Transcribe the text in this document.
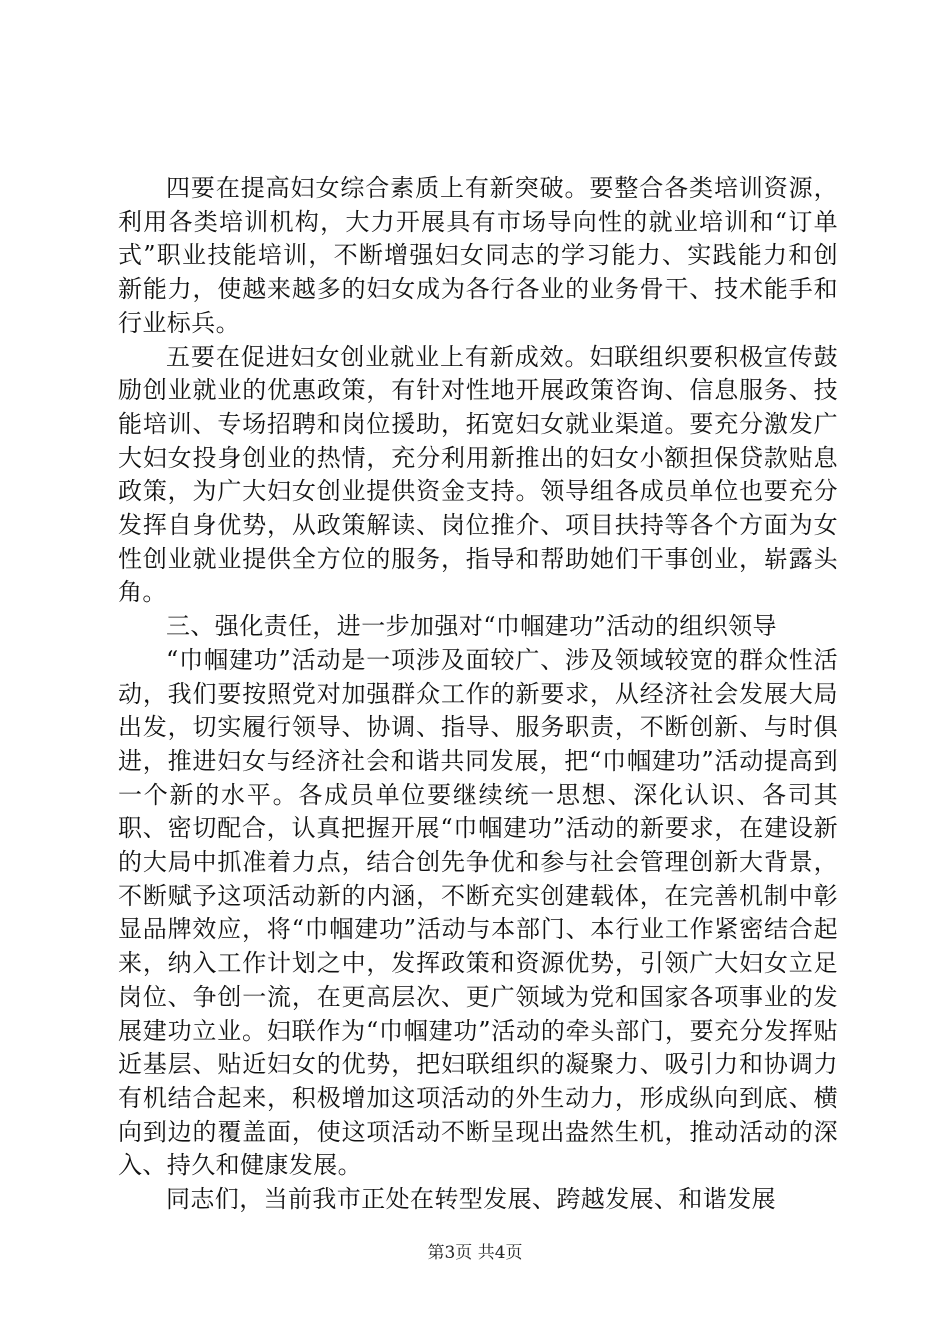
四要在提高妇女综合素质上有新突破。要整合各类培训资源，利用各类培训机构，大力开展具有市场导向性的就业培训和“订单式”职业技能培训，不断增强妇女同志的学习能力、实践能力和创新能力，使越来越多的妇女成为各行各业的业务骨干、技术能手和行业标兵。

五要在促进妇女创业就业上有新成效。妇联组织要积极宣传鼓励创业就业的优惠政策，有针对性地开展政策咨询、信息服务、技能培训、专场招聘和岗位援助，拓宽妇女就业渠道。要充分激发广大妇女投身创业的热情，充分利用新推出的妇女小额担保贷款贴息政策，为广大妇女创业提供资金支持。领导组各成员单位也要充分发挥自身优势，从政策解读、岗位推介、项目扶持等各个方面为女性创业就业提供全方位的服务，指导和帮助她们干事创业，崭露头角。

三、强化责任，进一步加强对“巾帼建功”活动的组织领导

“巾帼建功”活动是一项涉及面较广、涉及领域较宽的群众性活动，我们要按照党对加强群众工作的新要求，从经济社会发展大局出发，切实履行领导、协调、指导、服务职责，不断创新、与时俱进，推进妇女与经济社会和谐共同发展，把“巾帼建功”活动提高到一个新的水平。各成员单位要继续统一思想、深化认识、各司其职、密切配合，认真把握开展“巾帼建功”活动的新要求，在建设新的大局中抓准着力点，结合创先争优和参与社会管理创新大背景，不断赋予这项活动新的内涵，不断充实创建载体，在完善机制中彰显品牌效应，将“巾帼建功”活动与本部门、本行业工作紧密结合起来，纳入工作计划之中，发挥政策和资源优势，引领广大妇女立足岗位、争创一流，在更高层次、更广领域为党和国家各项事业的发展建功立业。妇联作为“巾帼建功”活动的牵头部门，要充分发挥贴近基层、贴近妇女的优势，把妇联组织的凝聚力、吸引力和协调力有机结合起来，积极增加这项活动的外生动力，形成纵向到底、横向到边的覆盖面，使这项活动不断呈现出盎然生机，推动活动的深入、持久和健康发展。

同志们，当前我市正处在转型发展、跨越发展、和谐发展

第3页 共4页
